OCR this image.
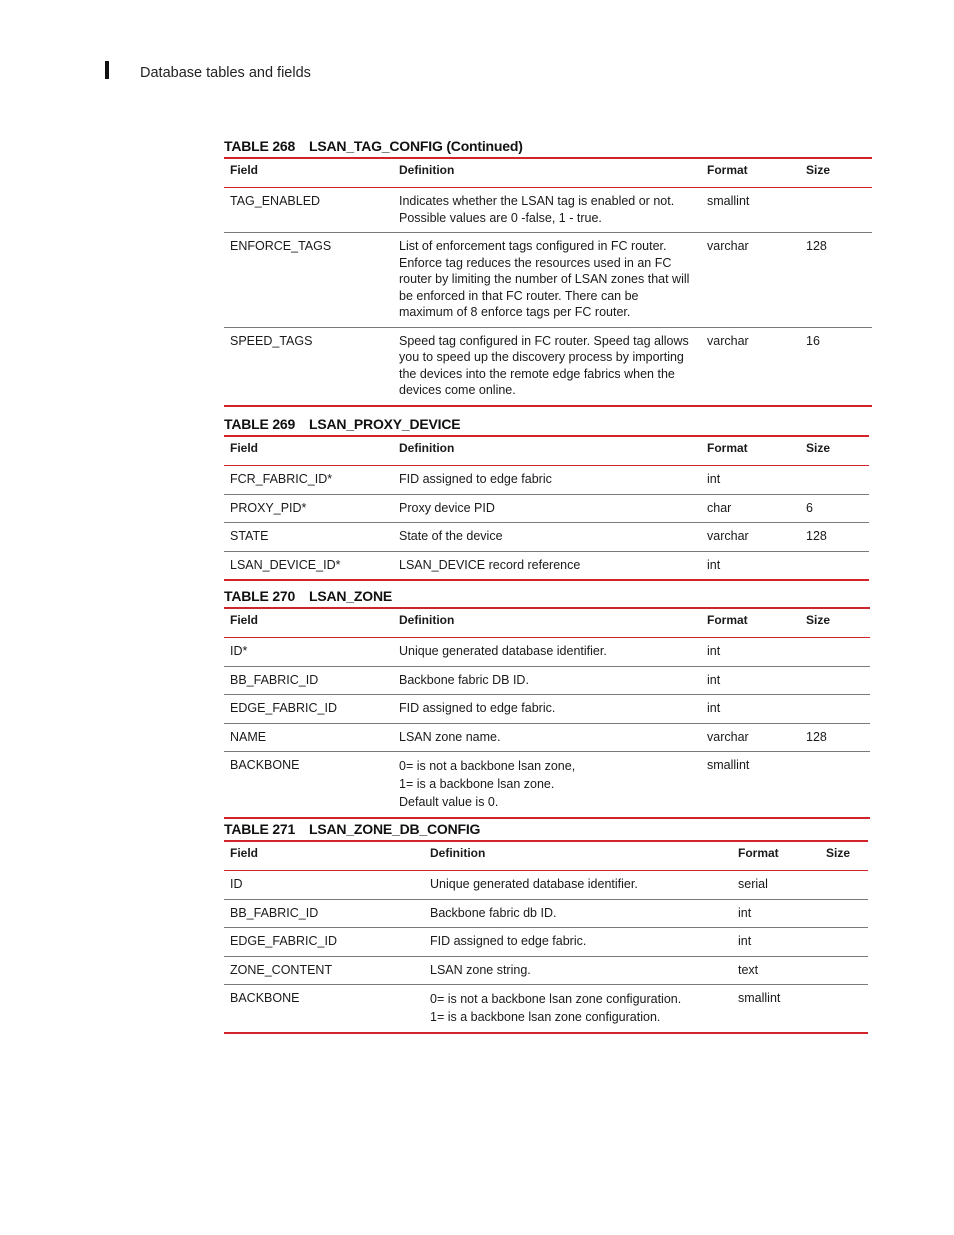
Database tables and fields
TABLE 268 LSAN_TAG_CONFIG (Continued)
Field	Definition	Format	Size
TAG_ENABLED	Indicates whether the LSAN tag is enabled or not. Possible values are 0 -false, 1 - true.	smallint	
ENFORCE_TAGS	List of enforcement tags configured in FC router. Enforce tag reduces the resources used in an FC router by limiting the number of LSAN zones that will be enforced in that FC router. There can be maximum of 8 enforce tags per FC router.	varchar	128
SPEED_TAGS	Speed tag configured in FC router. Speed tag allows you to speed up the discovery process by importing the devices into the remote edge fabrics when the devices come online.	varchar	16
TABLE 269 LSAN_PROXY_DEVICE
Field	Definition	Format	Size
FCR_FABRIC_ID*	FID assigned to edge fabric	int	
PROXY_PID*	Proxy device PID	char	6
STATE	State of the device	varchar	128
LSAN_DEVICE_ID*	LSAN_DEVICE record reference	int	
TABLE 270 LSAN_ZONE
Field	Definition	Format	Size
ID*	Unique generated database identifier.	int	
BB_FABRIC_ID	Backbone fabric DB ID.	int	
EDGE_FABRIC_ID	FID assigned to edge fabric.	int	
NAME	LSAN zone name.	varchar	128
BACKBONE	0= is not a backbone lsan zone,
1= is a backbone lsan zone.
Default value is 0.	smallint	
TABLE 271 LSAN_ZONE_DB_CONFIG
Field	Definition	Format	Size
ID	Unique generated database identifier.	serial	
BB_FABRIC_ID	Backbone fabric db ID.	int	
EDGE_FABRIC_ID	FID assigned to edge fabric.	int	
ZONE_CONTENT	LSAN zone string.	text	
BACKBONE	0= is not a backbone lsan zone configuration.
1= is a backbone lsan zone configuration.	smallint	
